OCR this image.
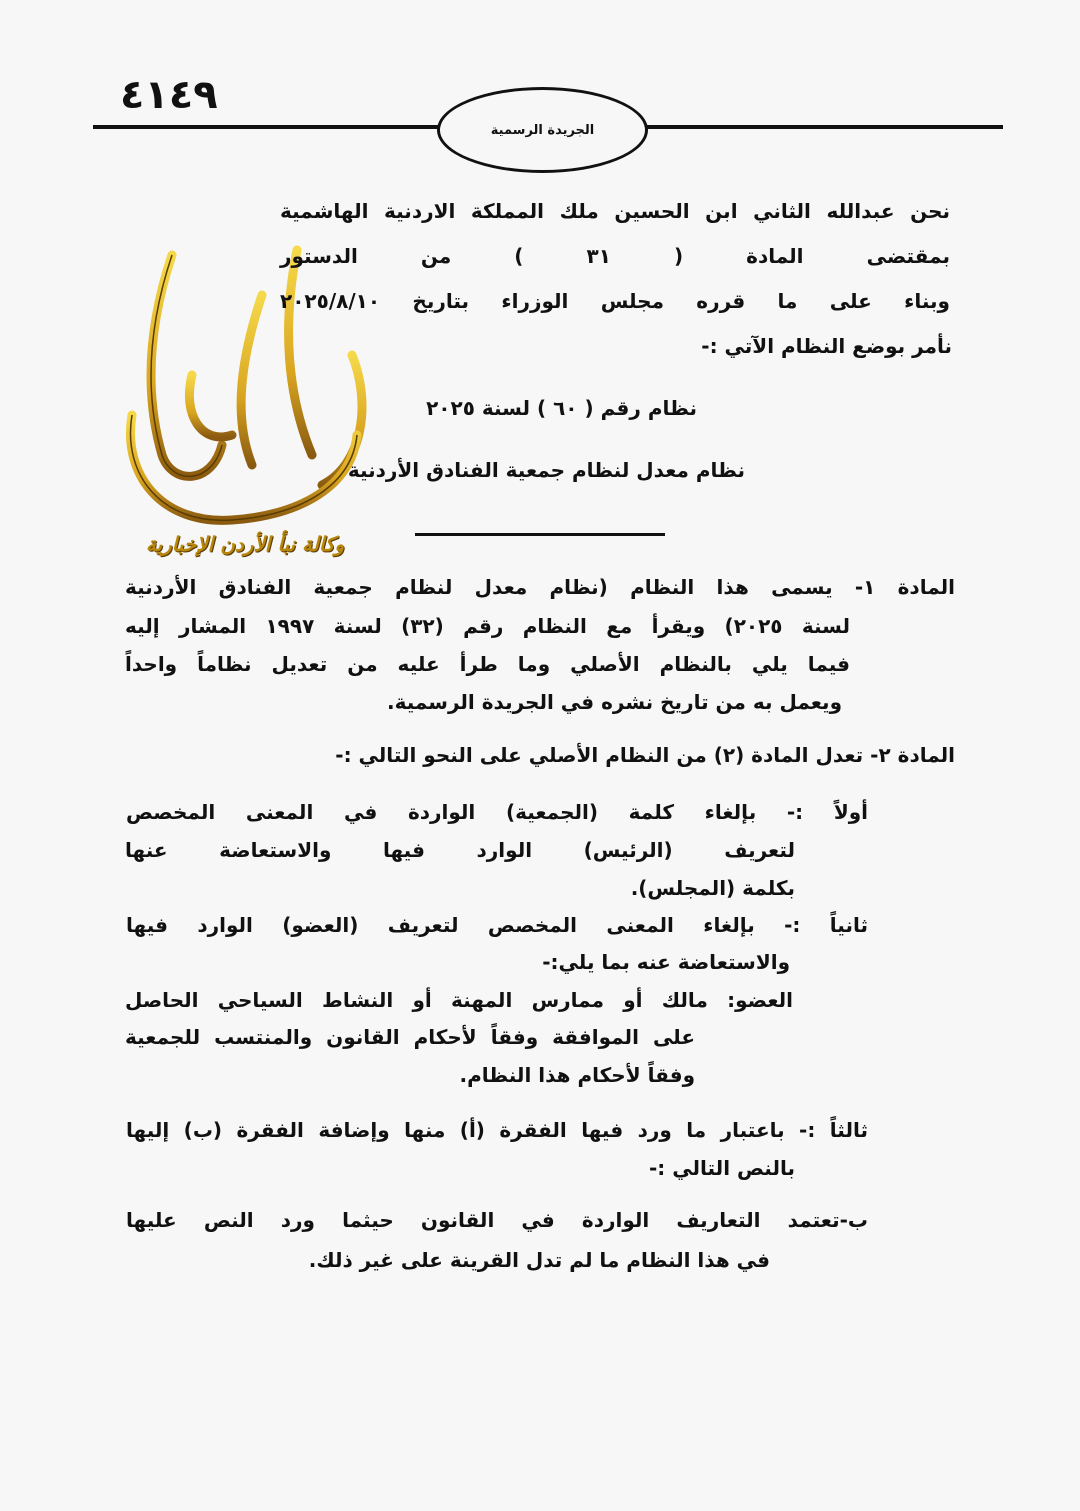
٤١٤٩
الجريدة الرسمية
وكالة نبأ الأردن الإخبارية
نحن عبدالله الثاني ابن الحسين ملك المملكة الاردنية الهاشمية
بمقتضى المادة ( ٣١ ) من الدستور
وبناء على ما قرره مجلس الوزراء بتاريخ ٢٠٢٥/٨/١٠
نأمر بوضع النظام الآتي :-
نظام رقم ( ٦٠ ) لسنة ٢٠٢٥
نظام معدل لنظام جمعية الفنادق الأردنية
المادة ١- يسمى هذا النظام (نظام معدل لنظام جمعية الفنادق الأردنية
لسنة ٢٠٢٥) ويقرأ مع النظام رقم (٣٢) لسنة ١٩٩٧ المشار إليه
فيما يلي بالنظام الأصلي وما طرأ عليه من تعديل نظاماً واحداً
ويعمل به من تاريخ نشره في الجريدة الرسمية.
المادة ٢- تعدل المادة (٢) من النظام الأصلي على النحو التالي :-
أولاً :- بإلغاء كلمة (الجمعية) الواردة في المعنى المخصص
لتعريف (الرئيس) الوارد فيها والاستعاضة عنها
بكلمة (المجلس).
ثانياً :- بإلغاء المعنى المخصص لتعريف (العضو) الوارد فيها
والاستعاضة عنه بما يلي:-
العضو: مالك أو ممارس المهنة أو النشاط السياحي الحاصل
على الموافقة وفقاً لأحكام القانون والمنتسب للجمعية
وفقاً لأحكام هذا النظام.
ثالثاً :- باعتبار ما ورد فيها الفقرة (أ) منها وإضافة الفقرة (ب) إليها
بالنص التالي :-
ب-تعتمد التعاريف الواردة في القانون حيثما ورد النص عليها
في هذا النظام ما لم تدل القرينة على غير ذلك.
